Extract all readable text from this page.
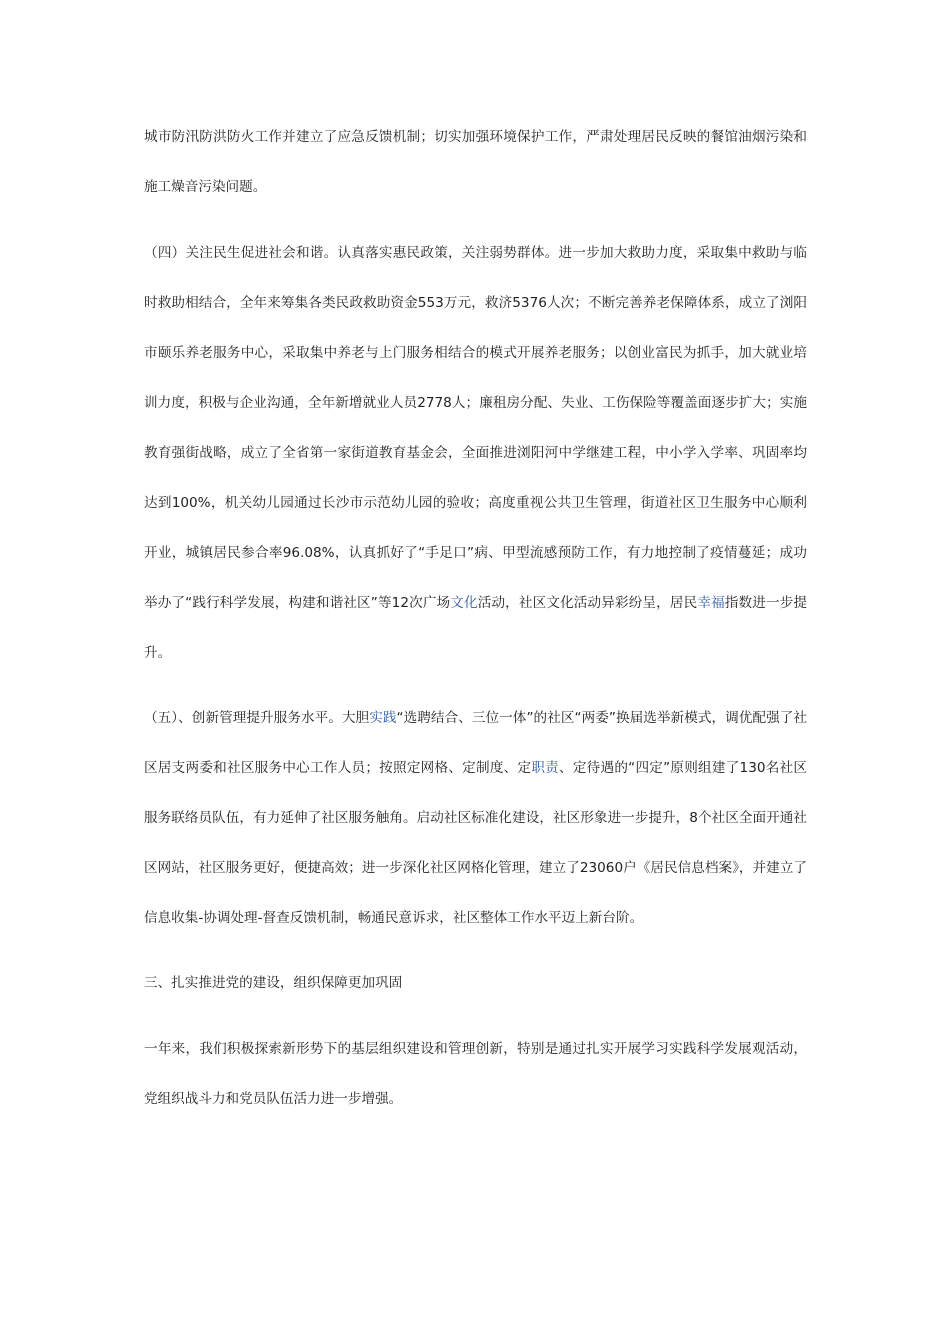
城市防汛防洪防火工作并建立了应急反馈机制；切实加强环境保护工作，严肃处理居民反映的餐馆油烟污染和施工燥音污染问题。

（四）关注民生促进社会和谐。认真落实惠民政策，关注弱势群体。进一步加大救助力度，采取集中救助与临时救助相结合，全年来筹集各类民政救助资金553万元，救济5376人次；不断完善养老保障体系，成立了浏阳市颐乐养老服务中心，采取集中养老与上门服务相结合的模式开展养老服务；以创业富民为抓手，加大就业培训力度，积极与企业沟通，全年新增就业人员2778人；廉租房分配、失业、工伤保险等覆盖面逐步扩大；实施教育强街战略，成立了全省第一家街道教育基金会，全面推进浏阳河中学继建工程，中小学入学率、巩固率均达到100%，机关幼儿园通过长沙市示范幼儿园的验收；高度重视公共卫生管理，街道社区卫生服务中心顺利开业，城镇居民参合率96.08%，认真抓好了“手足口”病、甲型流感预防工作，有力地控制了疫情蔓延；成功举办了“践行科学发展，构建和谐社区”等12次广场文化活动，社区文化活动异彩纷呈，居民幸福指数进一步提升。

（五）、创新管理提升服务水平。大胆实践“选聘结合、三位一体”的社区“两委”换届选举新模式，调优配强了社区居支两委和社区服务中心工作人员；按照定网格、定制度、定职责、定待遇的“四定”原则组建了130名社区服务联络员队伍，有力延伸了社区服务触角。启动社区标准化建设，社区形象进一步提升，8个社区全面开通社区网站，社区服务更好，便捷高效；进一步深化社区网格化管理，建立了23060户《居民信息档案》，并建立了信息收集-协调处理-督查反馈机制，畅通民意诉求，社区整体工作水平迈上新台阶。

三、扎实推进党的建设，组织保障更加巩固

一年来，我们积极探索新形势下的基层组织建设和管理创新，特别是通过扎实开展学习实践科学发展观活动，党组织战斗力和党员队伍活力进一步增强。
